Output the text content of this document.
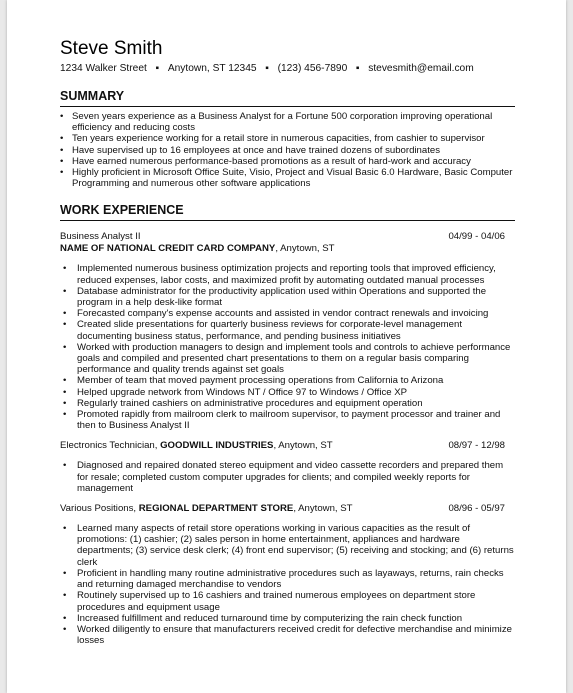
Steve Smith
1234 Walker Street ▪ Anytown, ST 12345 ▪ (123) 456-7890 ▪ stevesmith@email.com
SUMMARY
• Seven years experience as a Business Analyst for a Fortune 500 corporation improving operational efficiency and reducing costs
• Ten years experience working for a retail store in numerous capacities, from cashier to supervisor
• Have supervised up to 16 employees at once and have trained dozens of subordinates
• Have earned numerous performance-based promotions as a result of hard-work and accuracy
• Highly proficient in Microsoft Office Suite, Visio, Project and Visual Basic 6.0 Hardware, Basic Computer Programming and numerous other software applications
WORK EXPERIENCE
Business Analyst II
NAME OF NATIONAL CREDIT CARD COMPANY, Anytown, ST
04/99 - 04/06
• Implemented numerous business optimization projects and reporting tools that improved efficiency, reduced expenses, labor costs, and maximized profit by automating outdated manual processes
• Database administrator for the productivity application used within Operations and supported the program in a help desk-like format
• Forecasted company's expense accounts and assisted in vendor contract renewals and invoicing
• Created slide presentations for quarterly business reviews for corporate-level management documenting business status, performance, and pending business initiatives
• Worked with production managers to design and implement tools and controls to achieve performance goals and compiled and presented chart presentations to them on a regular basis comparing performance and quality trends against set goals
• Member of team that moved payment processing operations from California to Arizona
• Helped upgrade network from Windows NT / Office 97 to Windows / Office XP
• Regularly trained cashiers on administrative procedures and equipment operation
• Promoted rapidly from mailroom clerk to mailroom supervisor, to payment processor and trainer and then to Business Analyst II
Electronics Technician, GOODWILL INDUSTRIES, Anytown, ST	08/97 - 12/98
• Diagnosed and repaired donated stereo equipment and video cassette recorders and prepared them for resale; completed custom computer upgrades for clients; and compiled weekly reports for management
Various Positions, REGIONAL DEPARTMENT STORE, Anytown, ST	08/96 - 05/97
• Learned many aspects of retail store operations working in various capacities as the result of promotions: (1) cashier; (2) sales person in home entertainment, appliances and hardware departments; (3) service desk clerk; (4) front end supervisor; (5) receiving and stocking; and (6) returns clerk
• Proficient in handling many routine administrative procedures such as layaways, returns, rain checks and returning damaged merchandise to vendors
• Routinely supervised up to 16 cashiers and trained numerous employees on department store procedures and equipment usage
• Increased fulfillment and reduced turnaround time by computerizing the rain check function
• Worked diligently to ensure that manufacturers received credit for defective merchandise and minimize losses
